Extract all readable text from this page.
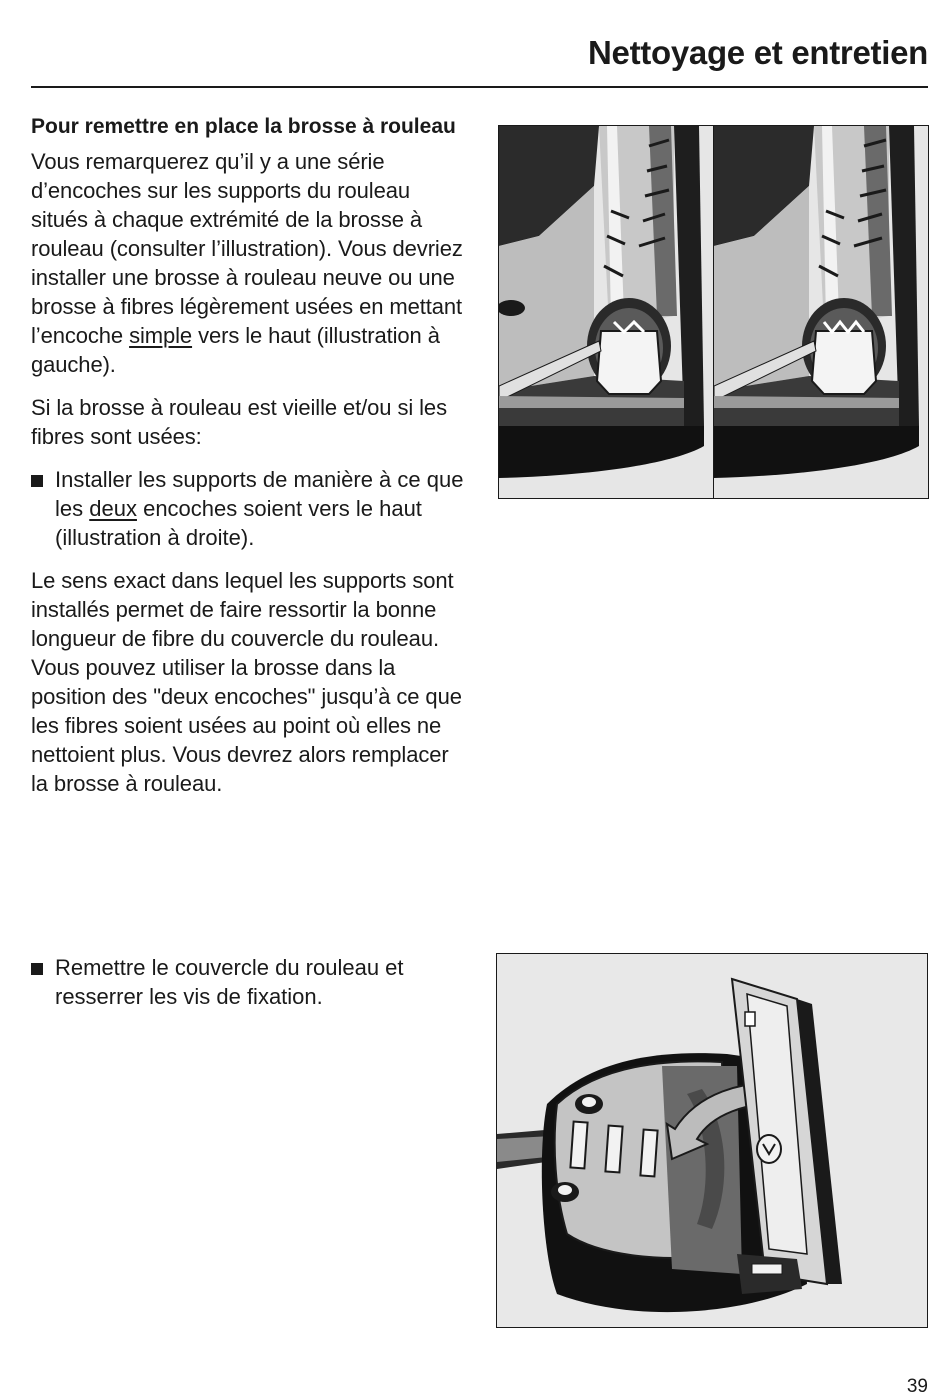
Nettoyage et entretien
Pour remettre en place la brosse à rouleau

Vous remarquerez qu’il y a une série d’encoches sur les supports du rouleau situés à chaque extrémité de la brosse à rouleau (consulter l’illustration). Vous devriez installer une brosse à rouleau neuve ou une brosse à fibres légèrement usées en mettant l’encoche simple vers le haut (illustration à gauche).

Si la brosse à rouleau est vieille et/ou si les fibres sont usées:

Installer les supports de manière à ce que les deux encoches soient vers le haut (illustration à droite).

Le sens exact dans lequel les supports sont installés permet de faire ressortir la bonne longueur de fibre du couvercle du rouleau. Vous pouvez utiliser la brosse dans la position des "deux encoches" jusqu’à ce que les fibres soient usées au point où elles ne nettoient plus. Vous devrez alors remplacer la brosse à rouleau.

Remettre le couvercle du rouleau et resserrer les vis de fixation.
39
